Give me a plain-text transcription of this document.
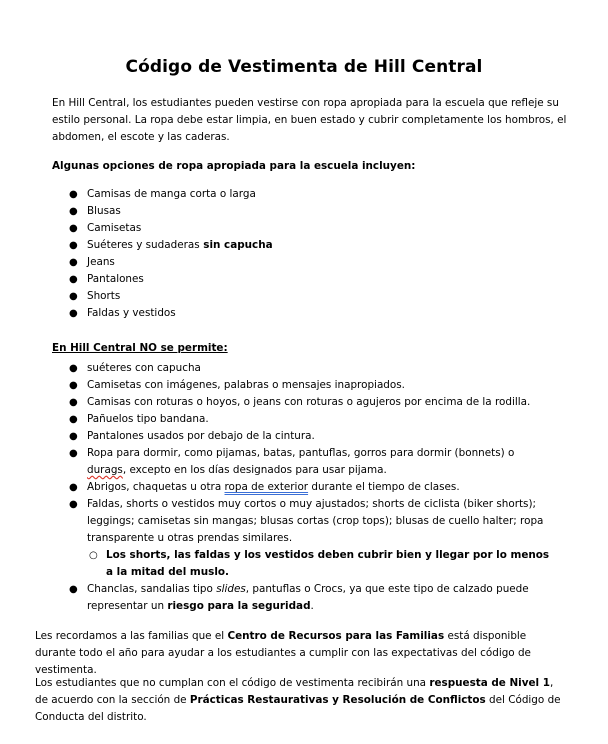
Código de Vestimenta de Hill Central

En Hill Central, los estudiantes pueden vestirse con ropa apropiada para la escuela que refleje su estilo personal. La ropa debe estar limpia, en buen estado y cubrir completamente los hombros, el abdomen, el escote y las caderas.

Algunas opciones de ropa apropiada para la escuela incluyen:

● Camisas de manga corta o larga
● Blusas
● Camisetas
● Suéteres y sudaderas sin capucha
● Jeans
● Pantalones
● Shorts
● Faldas y vestidos

En Hill Central NO se permite:

● suéteres con capucha
● Camisetas con imágenes, palabras o mensajes inapropiados.
● Camisas con roturas o hoyos, o jeans con roturas o agujeros por encima de la rodilla.
● Pañuelos tipo bandana.
● Pantalones usados por debajo de la cintura.
● Ropa para dormir, como pijamas, batas, pantuflas, gorros para dormir (bonnets) o durags, excepto en los días designados para usar pijama.
● Abrigos, chaquetas u otra ropa de exterior durante el tiempo de clases.
● Faldas, shorts o vestidos muy cortos o muy ajustados; shorts de ciclista (biker shorts); leggings; camisetas sin mangas; blusas cortas (crop tops); blusas de cuello halter; ropa transparente u otras prendas similares.
○ Los shorts, las faldas y los vestidos deben cubrir bien y llegar por lo menos a la mitad del muslo.
● Chanclas, sandalias tipo slides, pantuflas o Crocs, ya que este tipo de calzado puede representar un riesgo para la seguridad.

Les recordamos a las familias que el Centro de Recursos para las Familias está disponible durante todo el año para ayudar a los estudiantes a cumplir con las expectativas del código de vestimenta.

Los estudiantes que no cumplan con el código de vestimenta recibirán una respuesta de Nivel 1, de acuerdo con la sección de Prácticas Restaurativas y Resolución de Conflictos del Código de Conducta del distrito.
